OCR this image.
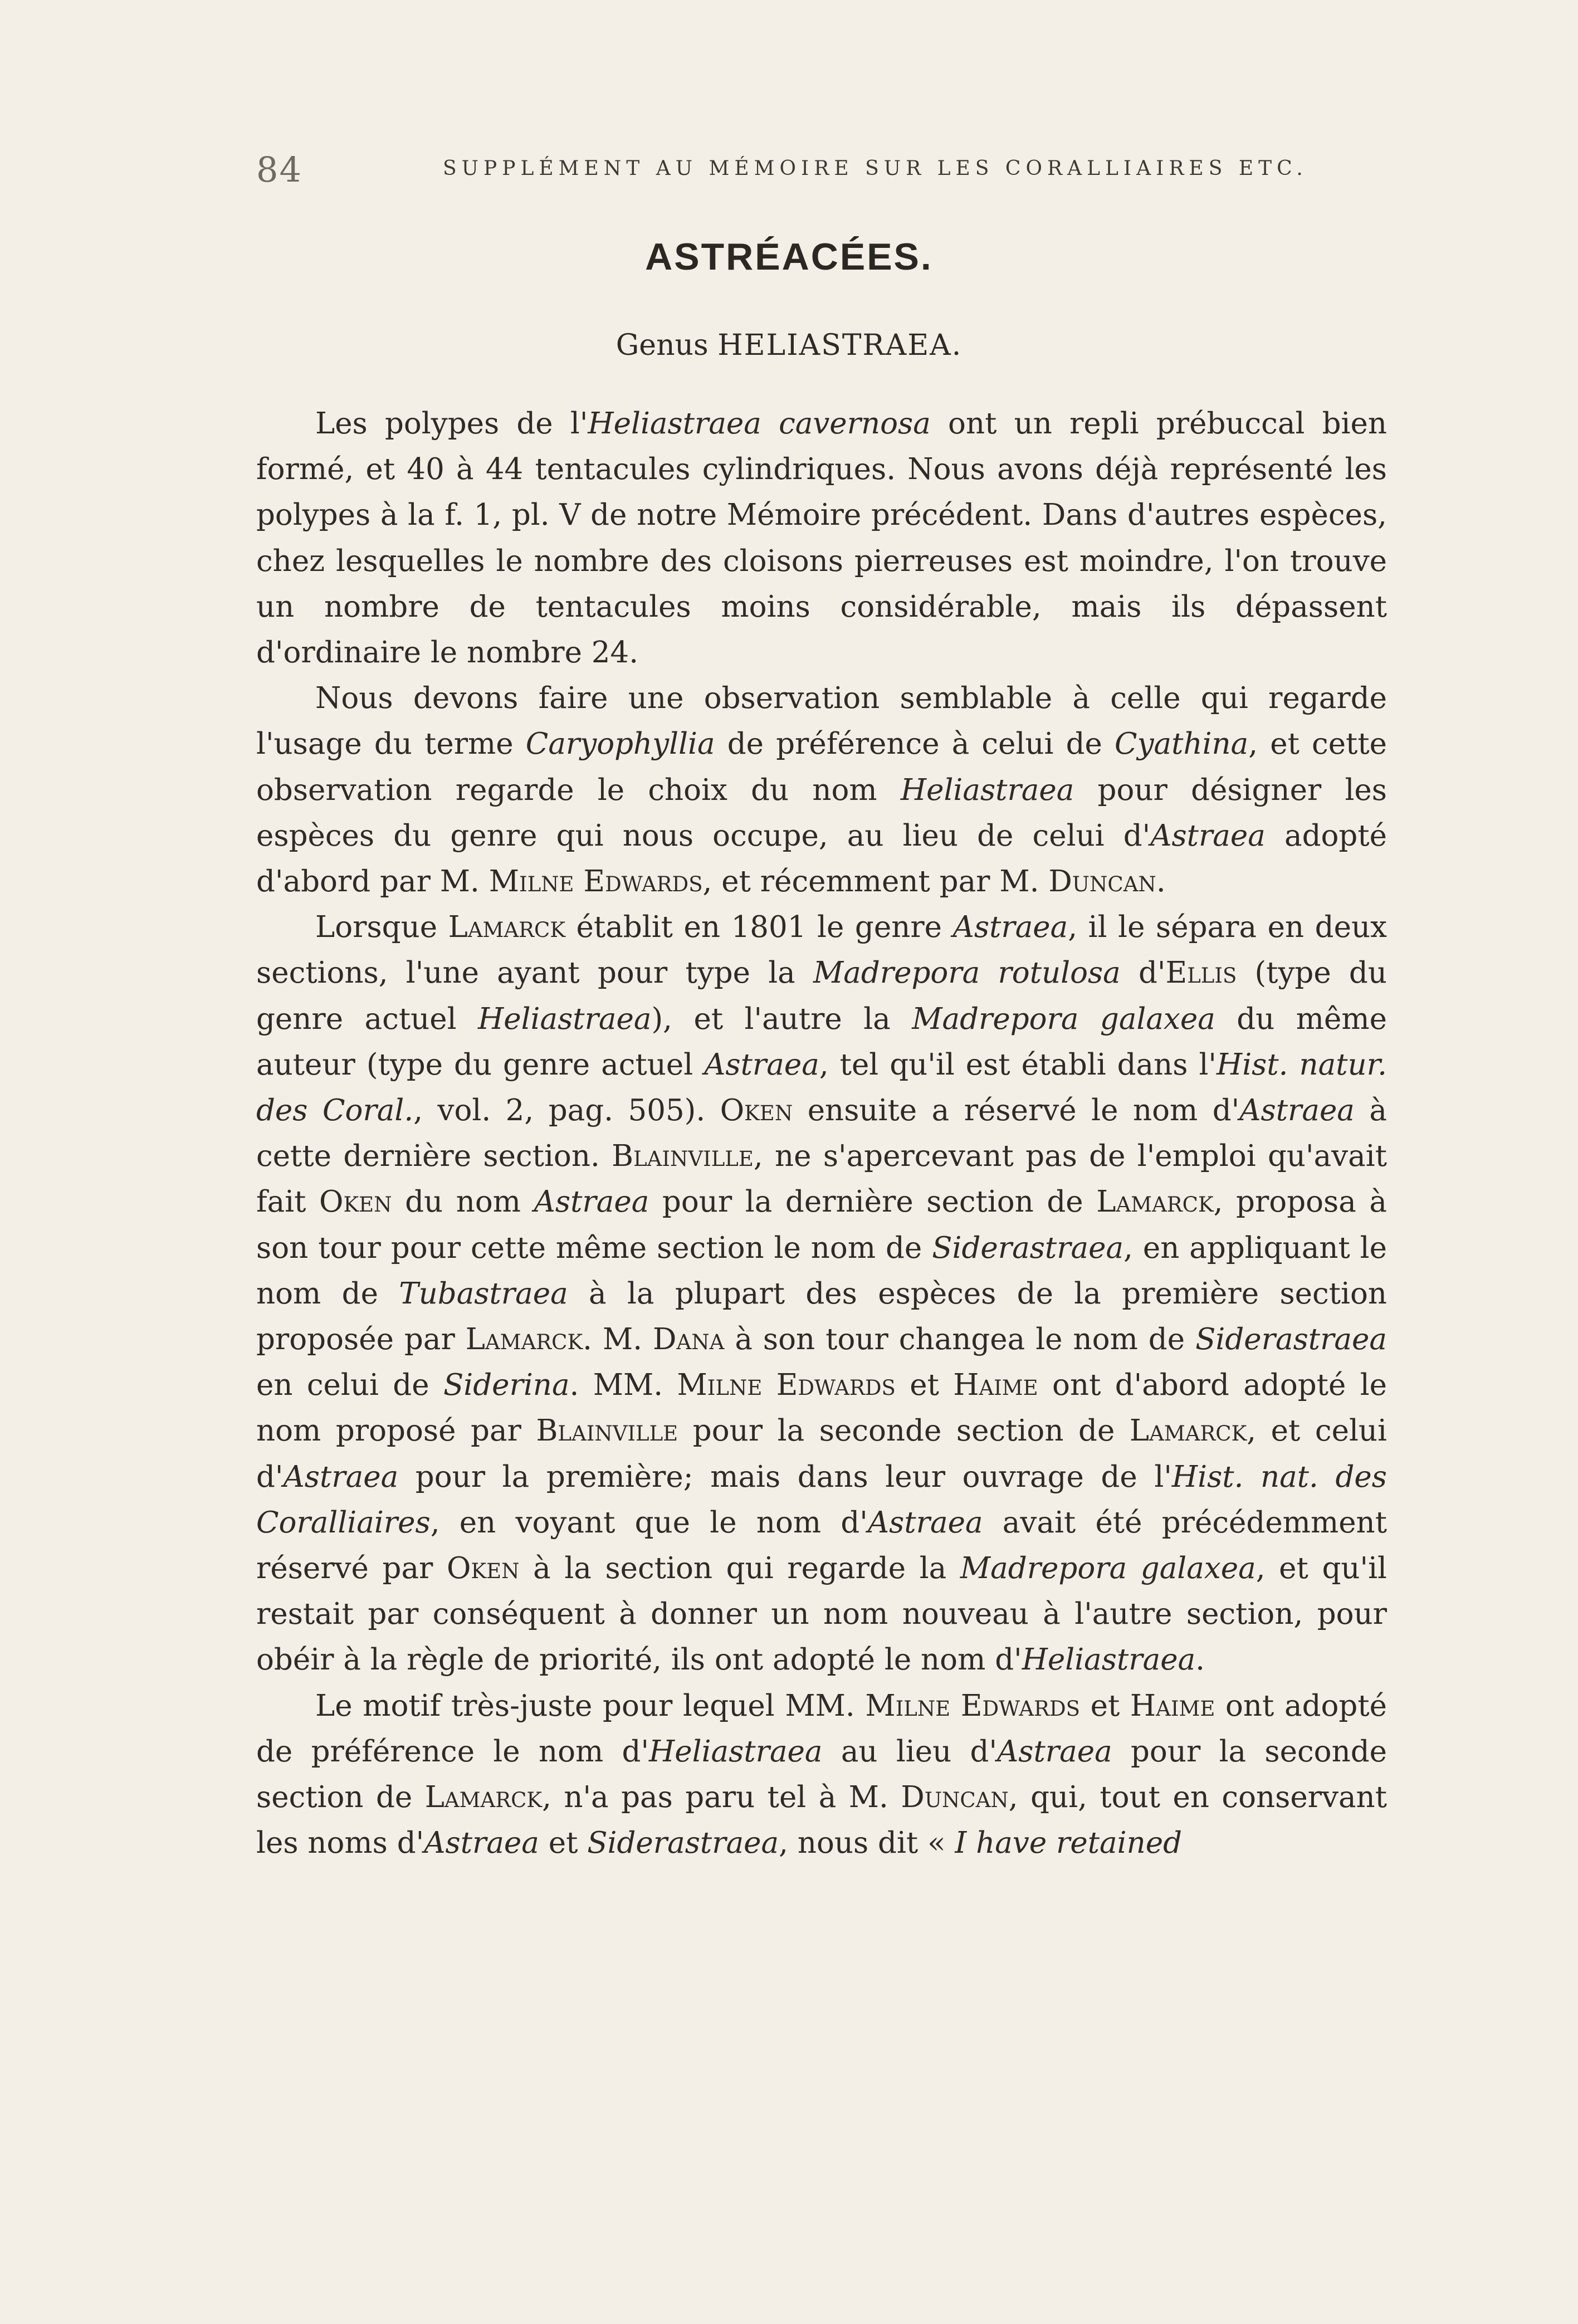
84	SUPPLÉMENT AU MÉMOIRE SUR LES CORALLIAIRES ETC.
ASTRÉACÉES.
Genus HELIASTRAEA.

Les polypes de l'Heliastraea cavernosa ont un repli prébuccal bien formé, et 40 à 44 tentacules cylindriques. Nous avons déjà représenté les polypes à la f. 1, pl. V de notre Mémoire précédent. Dans d'autres espèces, chez lesquelles le nombre des cloisons pierreuses est moindre, l'on trouve un nombre de tentacules moins considérable, mais ils dépassent d'ordinaire le nombre 24.

Nous devons faire une observation semblable à celle qui regarde l'usage du terme Caryophyllia de préférence à celui de Cyathina, et cette observation regarde le choix du nom Heliastraea pour désigner les espèces du genre qui nous occupe, au lieu de celui d'Astraea adopté d'abord par M. Milne Edwards, et récemment par M. Duncan.

Lorsque Lamarck établit en 1801 le genre Astraea, il le sépara en deux sections, l'une ayant pour type la Madrepora rotulosa d'Ellis (type du genre actuel Heliastraea), et l'autre la Madrepora galaxea du même auteur (type du genre actuel Astraea, tel qu'il est établi dans l'Hist. natur. des Coral., vol. 2, pag. 505). Oken ensuite a réservé le nom d'Astraea à cette dernière section. Blainville, ne s'apercevant pas de l'emploi qu'avait fait Oken du nom Astraea pour la dernière section de Lamarck, proposa à son tour pour cette même section le nom de Siderastraea, en appliquant le nom de Tubastraea à la plupart des espèces de la première section proposée par Lamarck. M. Dana à son tour changea le nom de Siderastraea en celui de Siderina. MM. Milne Edwards et Haime ont d'abord adopté le nom proposé par Blainville pour la seconde section de Lamarck, et celui d'Astraea pour la première; mais dans leur ouvrage de l'Hist. nat. des Coralliaires, en voyant que le nom d'Astraea avait été précédemment réservé par Oken à la section qui regarde la Madrepora galaxea, et qu'il restait par conséquent à donner un nom nouveau à l'autre section, pour obéir à la règle de priorité, ils ont adopté le nom d'Heliastraea.

Le motif très-juste pour lequel MM. Milne Edwards et Haime ont adopté de préférence le nom d'Heliastraea au lieu d'Astraea pour la seconde section de Lamarck, n'a pas paru tel à M. Duncan, qui, tout en conservant les noms d'Astraea et Siderastraea, nous dit « I have retained
